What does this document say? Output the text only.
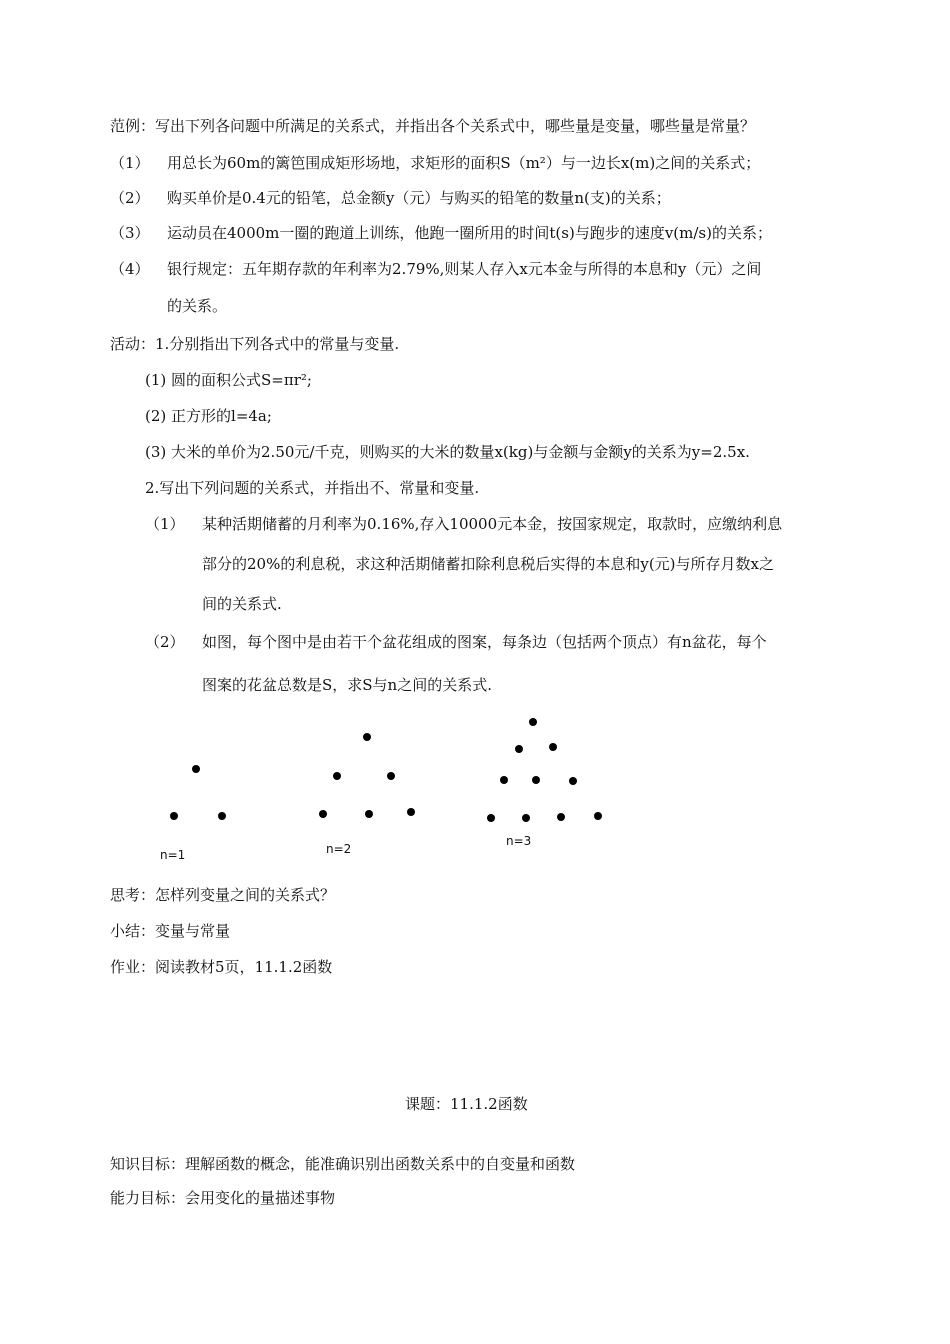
范例：写出下列各问题中所满足的关系式，并指出各个关系式中，哪些量是变量，哪些量是常量？
（1） 用总长为60m的篱笆围成矩形场地，求矩形的面积S（m²）与一边长x(m)之间的关系式；
（2） 购买单价是0.4元的铅笔，总金额y（元）与购买的铅笔的数量n(支)的关系；
（3） 运动员在4000m一圈的跑道上训练，他跑一圈所用的时间t(s)与跑步的速度v(m/s)的关系；
（4） 银行规定：五年期存款的年利率为2.79%,则某人存入x元本金与所得的本息和y（元）之间
的关系。
活动：1.分别指出下列各式中的常量与变量.
(1) 圆的面积公式S=πr²;
(2) 正方形的l=4a;
(3) 大米的单价为2.50元/千克，则购买的大米的数量x(kg)与金额与金额y的关系为y=2.5x.
2.写出下列问题的关系式，并指出不、常量和变量.
（1） 某种活期储蓄的月利率为0.16%,存入10000元本金，按国家规定，取款时，应缴纳利息
部分的20%的利息税，求这种活期储蓄扣除利息税后实得的本息和y(元)与所存月数x之
间的关系式.
（2） 如图，每个图中是由若干个盆花组成的图案，每条边（包括两个顶点）有n盆花，每个
图案的花盆总数是S，求S与n之间的关系式.
n=1	n=2
n=3
思考：怎样列变量之间的关系式？
小结：变量与常量
作业：阅读教材5页，11.1.2函数
课题：11.1.2函数
知识目标：理解函数的概念，能准确识别出函数关系中的自变量和函数
能力目标：会用变化的量描述事物
